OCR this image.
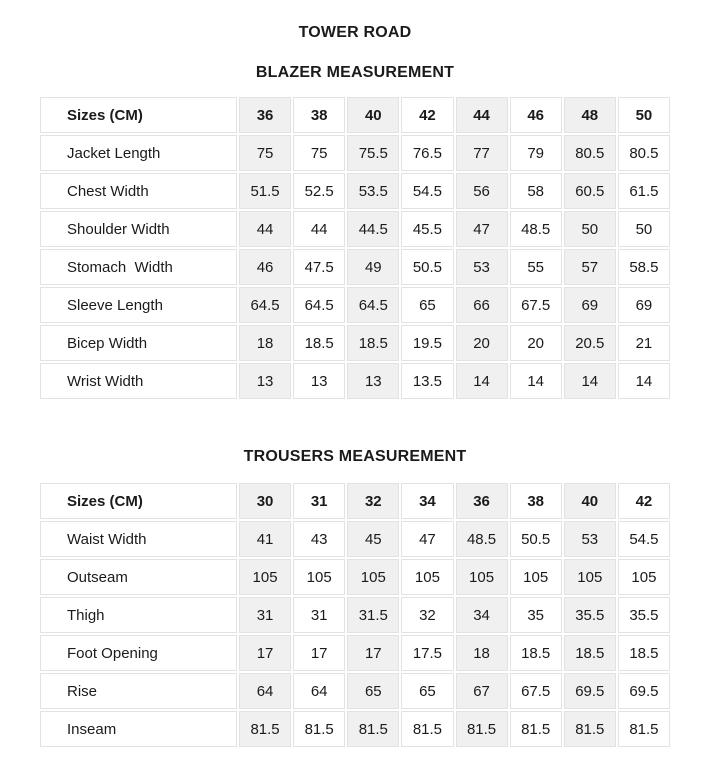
TOWER ROAD
BLAZER MEASUREMENT
Sizes (CM)	36	38	40	42	44	46	48	50
Jacket Length	75	75	75.5	76.5	77	79	80.5	80.5
Chest Width	51.5	52.5	53.5	54.5	56	58	60.5	61.5
Shoulder Width	44	44	44.5	45.5	47	48.5	50	50
Stomach  Width	46	47.5	49	50.5	53	55	57	58.5
Sleeve Length	64.5	64.5	64.5	65	66	67.5	69	69
Bicep Width	18	18.5	18.5	19.5	20	20	20.5	21
Wrist Width	13	13	13	13.5	14	14	14	14
TROUSERS MEASUREMENT
Sizes (CM)	30	31	32	34	36	38	40	42
Waist Width	41	43	45	47	48.5	50.5	53	54.5
Outseam	105	105	105	105	105	105	105	105
Thigh	31	31	31.5	32	34	35	35.5	35.5
Foot Opening	17	17	17	17.5	18	18.5	18.5	18.5
Rise	64	64	65	65	67	67.5	69.5	69.5
Inseam	81.5	81.5	81.5	81.5	81.5	81.5	81.5	81.5
